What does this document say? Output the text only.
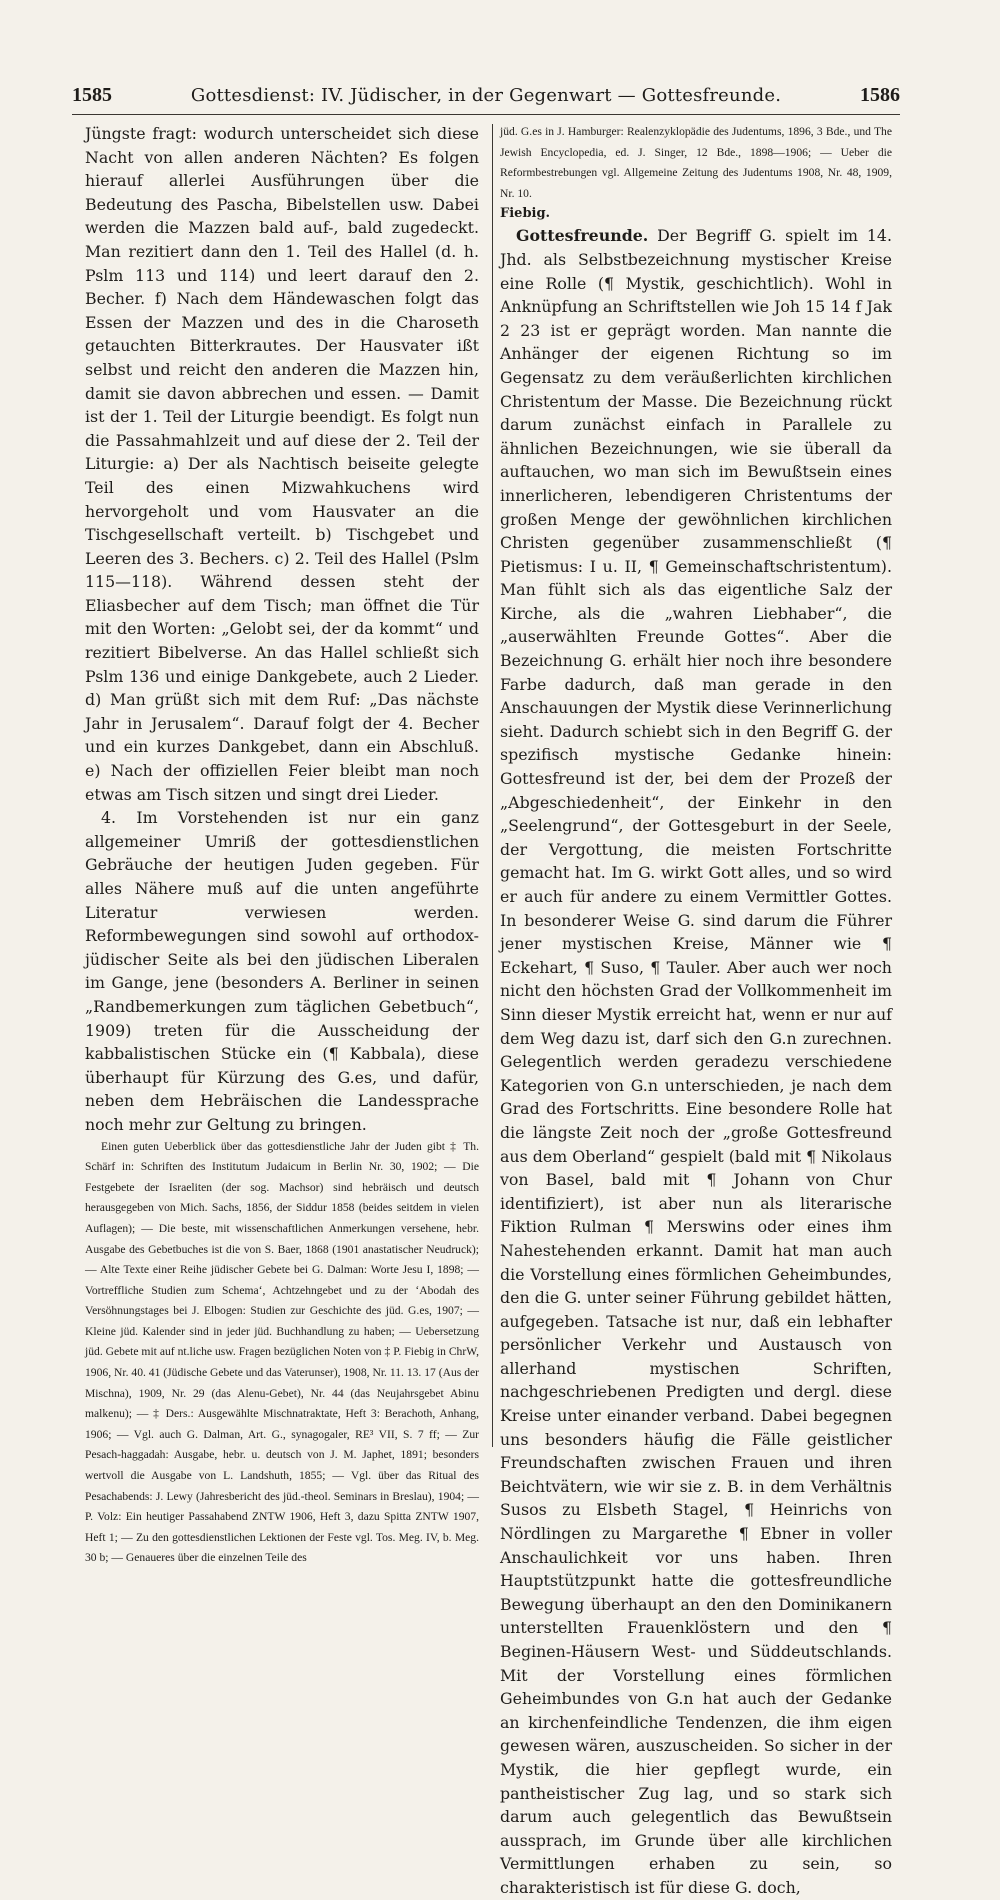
1585	Gottesdienst: IV. Jüdischer, in der Gegenwart — Gottesfreunde.	1586

Jüngste fragt: wodurch unterscheidet sich diese Nacht von allen anderen Nächten? Es folgen hierauf allerlei Ausführungen über die Bedeutung des Pascha, Bibelstellen usw. Dabei werden die Mazzen bald auf-, bald zugedeckt. Man rezitiert dann den 1. Teil des Hallel (d. h. Pslm 113 und 114) und leert darauf den 2. Becher. f) Nach dem Händewaschen folgt das Essen der Mazzen und des in die Charoseth getauchten Bitterkrautes. Der Hausvater ißt selbst und reicht den anderen die Mazzen hin, damit sie davon abbrechen und essen. — Damit ist der 1. Teil der Liturgie beendigt. Es folgt nun die Passahmahlzeit und auf diese der 2. Teil der Liturgie: a) Der als Nachtisch beiseite gelegte Teil des einen Mizwahkuchens wird hervorgeholt und vom Hausvater an die Tischgesellschaft verteilt. b) Tischgebet und Leeren des 3. Bechers. c) 2. Teil des Hallel (Pslm 115—118). Während dessen steht der Eliasbecher auf dem Tisch; man öffnet die Tür mit den Worten: „Gelobt sei, der da kommt“ und rezitiert Bibelverse. An das Hallel schließt sich Pslm 136 und einige Dankgebete, auch 2 Lieder. d) Man grüßt sich mit dem Ruf: „Das nächste Jahr in Jerusalem“. Darauf folgt der 4. Becher und ein kurzes Dankgebet, dann ein Abschluß. e) Nach der offiziellen Feier bleibt man noch etwas am Tisch sitzen und singt drei Lieder.

4. Im Vorstehenden ist nur ein ganz allgemeiner Umriß der gottesdienstlichen Gebräuche der heutigen Juden gegeben. Für alles Nähere muß auf die unten angeführte Literatur verwiesen werden. Reformbewegungen sind sowohl auf orthodox-jüdischer Seite als bei den jüdischen Liberalen im Gange, jene (besonders A. Berliner in seinen „Randbemerkungen zum täglichen Gebetbuch“, 1909) treten für die Ausscheidung der kabbalistischen Stücke ein (¶ Kabbala), diese überhaupt für Kürzung des G.es, und dafür, neben dem Hebräischen die Landessprache noch mehr zur Geltung zu bringen.

Einen guten Ueberblick über das gottesdienstliche Jahr der Juden gibt ‡ Th. Schärf in: Schriften des Institutum Judaicum in Berlin Nr. 30, 1902; — Die Festgebete der Israeliten (der sog. Machsor) sind hebräisch und deutsch herausgegeben von Mich. Sachs, 1856, der Siddur 1858 (beides seitdem in vielen Auflagen); — Die beste, mit wissenschaftlichen Anmerkungen versehene, hebr. Ausgabe des Gebetbuches ist die von S. Baer, 1868 (1901 anastatischer Neudruck); — Alte Texte einer Reihe jüdischer Gebete bei G. Dalman: Worte Jesu I, 1898; — Vortreffliche Studien zum Schema‘, Achtzehngebet und zu der ‘Abodah des Versöhnungstages bei J. Elbogen: Studien zur Geschichte des jüd. G.es, 1907; — Kleine jüd. Kalender sind in jeder jüd. Buchhandlung zu haben; — Uebersetzung jüd. Gebete mit auf nt.liche usw. Fragen bezüglichen Noten von ‡ P. Fiebig in ChrW, 1906, Nr. 40. 41 (Jüdische Gebete und das Vaterunser), 1908, Nr. 11. 13. 17 (Aus der Mischna), 1909, Nr. 29 (das Alenu-Gebet), Nr. 44 (das Neujahrsgebet Abinu malkenu); — ‡ Ders.: Ausgewählte Mischnatraktate, Heft 3: Berachoth, Anhang, 1906; — Vgl. auch G. Dalman, Art. G., synagogaler, RE³ VII, S. 7 ff; — Zur Pesach-haggadah: Ausgabe, hebr. u. deutsch von J. M. Japhet, 1891; besonders wertvoll die Ausgabe von L. Landshuth, 1855; — Vgl. über das Ritual des Pesachabends: J. Lewy (Jahresbericht des jüd.-theol. Seminars in Breslau), 1904; — P. Volz: Ein heutiger Passahabend ZNTW 1906, Heft 3, dazu Spitta ZNTW 1907, Heft 1; — Zu den gottesdienstlichen Lektionen der Feste vgl. Tos. Meg. IV, b. Meg. 30 b; — Genaueres über die einzelnen Teile des

jüd. G.es in J. Hamburger: Realenzyklopädie des Judentums, 1896, 3 Bde., und The Jewish Encyclopedia, ed. J. Singer, 12 Bde., 1898—1906; — Ueber die Reformbestrebungen vgl. Allgemeine Zeitung des Judentums 1908, Nr. 48, 1909, Nr. 10.

Fiebig.

Gottesfreunde. Der Begriff G. spielt im 14. Jhd. als Selbstbezeichnung mystischer Kreise eine Rolle (¶ Mystik, geschichtlich). Wohl in Anknüpfung an Schriftstellen wie Joh 15 14 f Jak 2 23 ist er geprägt worden. Man nannte die Anhänger der eigenen Richtung so im Gegensatz zu dem veräußerlichten kirchlichen Christentum der Masse. Die Bezeichnung rückt darum zunächst einfach in Parallele zu ähnlichen Bezeichnungen, wie sie überall da auftauchen, wo man sich im Bewußtsein eines innerlicheren, lebendigeren Christentums der großen Menge der gewöhnlichen kirchlichen Christen gegenüber zusammenschließt (¶ Pietismus: I u. II, ¶ Gemeinschaftschristentum). Man fühlt sich als das eigentliche Salz der Kirche, als die „wahren Liebhaber“, die „auserwählten Freunde Gottes“. Aber die Bezeichnung G. erhält hier noch ihre besondere Farbe dadurch, daß man gerade in den Anschauungen der Mystik diese Verinnerlichung sieht. Dadurch schiebt sich in den Begriff G. der spezifisch mystische Gedanke hinein: Gottesfreund ist der, bei dem der Prozeß der „Abgeschiedenheit“, der Einkehr in den „Seelengrund“, der Gottesgeburt in der Seele, der Vergottung, die meisten Fortschritte gemacht hat. Im G. wirkt Gott alles, und so wird er auch für andere zu einem Vermittler Gottes. In besonderer Weise G. sind darum die Führer jener mystischen Kreise, Männer wie ¶ Eckehart, ¶ Suso, ¶ Tauler. Aber auch wer noch nicht den höchsten Grad der Vollkommenheit im Sinn dieser Mystik erreicht hat, wenn er nur auf dem Weg dazu ist, darf sich den G.n zurechnen. Gelegentlich werden geradezu verschiedene Kategorien von G.n unterschieden, je nach dem Grad des Fortschritts. Eine besondere Rolle hat die längste Zeit noch der „große Gottesfreund aus dem Oberland“ gespielt (bald mit ¶ Nikolaus von Basel, bald mit ¶ Johann von Chur identifiziert), ist aber nun als literarische Fiktion Rulman ¶ Merswins oder eines ihm Nahestehenden erkannt. Damit hat man auch die Vorstellung eines förmlichen Geheimbundes, den die G. unter seiner Führung gebildet hätten, aufgegeben. Tatsache ist nur, daß ein lebhafter persönlicher Verkehr und Austausch von allerhand mystischen Schriften, nachgeschriebenen Predigten und dergl. diese Kreise unter einander verband. Dabei begegnen uns besonders häufig die Fälle geistlicher Freundschaften zwischen Frauen und ihren Beichtvätern, wie wir sie z. B. in dem Verhältnis Susos zu Elsbeth Stagel, ¶ Heinrichs von Nördlingen zu Margarethe ¶ Ebner in voller Anschaulichkeit vor uns haben. Ihren Hauptstützpunkt hatte die gottesfreundliche Bewegung überhaupt an den den Dominikanern unterstellten Frauenklöstern und den ¶ Beginen-Häusern West- und Süddeutschlands. Mit der Vorstellung eines förmlichen Geheimbundes von G.n hat auch der Gedanke an kirchenfeindliche Tendenzen, die ihm eigen gewesen wären, auszuscheiden. So sicher in der Mystik, die hier gepflegt wurde, ein pantheistischer Zug lag, und so stark sich darum auch gelegentlich das Bewußtsein aussprach, im Grunde über alle kirchlichen Vermittlungen erhaben zu sein, so charakteristisch ist für diese G. doch,
